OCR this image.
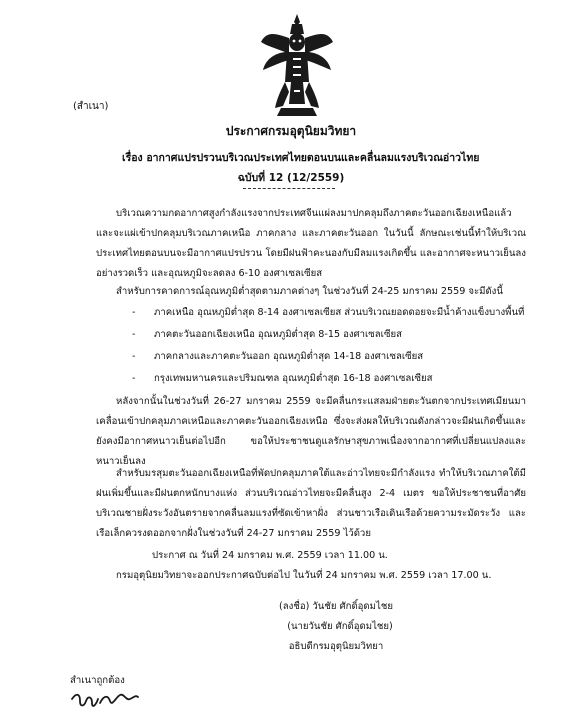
(สำเนา)
ประกาศกรมอุตุนิยมวิทยา
เรื่อง อากาศแปรปรวนบริเวณประเทศไทยตอนบนและคลื่นลมแรงบริเวณอ่าวไทย
ฉบับที่ 12 (12/2559)
บริเวณความกดอากาศสูงกำลังแรงจากประเทศจีนแผ่ลงมาปกคลุมถึงภาคตะวันออกเฉียงเหนือแล้ว และจะแผ่เข้าปกคลุมบริเวณภาคเหนือ ภาคกลาง และภาคตะวันออก ในวันนี้ ลักษณะเช่นนี้ทำให้บริเวณประเทศไทยตอนบนจะมีอากาศแปรปรวน โดยมีฝนฟ้าคะนองกับมีลมแรงเกิดขึ้น และอากาศจะหนาวเย็นลงอย่างรวดเร็ว และอุณหภูมิจะลดลง 6-10 องศาเซลเซียส
สำหรับการคาดการณ์อุณหภูมิต่ำสุดตามภาคต่างๆ ในช่วงวันที่ 24-25 มกราคม 2559 จะมีดังนี้
- ภาคเหนือ อุณหภูมิต่ำสุด 8-14 องศาเซลเซียส ส่วนบริเวณยอดดอยจะมีน้ำค้างแข็งบางพื้นที่
- ภาคตะวันออกเฉียงเหนือ อุณหภูมิต่ำสุด 8-15 องศาเซลเซียส
- ภาคกลางและภาคตะวันออก อุณหภูมิต่ำสุด 14-18 องศาเซลเซียส
- กรุงเทพมหานครและปริมณฑล อุณหภูมิต่ำสุด 16-18 องศาเซลเซียส
หลังจากนั้นในช่วงวันที่ 26-27 มกราคม 2559 จะมีคลื่นกระแสลมฝ่ายตะวันตกจากประเทศเมียนมาเคลื่อนเข้าปกคลุมภาคเหนือและภาคตะวันออกเฉียงเหนือ ซึ่งจะส่งผลให้บริเวณดังกล่าวจะมีฝนเกิดขึ้นและยังคงมีอากาศหนาวเย็นต่อไปอีก ขอให้ประชาชนดูแลรักษาสุขภาพเนื่องจากอากาศที่เปลี่ยนแปลงและหนาวเย็นลง
สำหรับมรสุมตะวันออกเฉียงเหนือที่พัดปกคลุมภาคใต้และอ่าวไทยจะมีกำลังแรง ทำให้บริเวณภาคใต้มีฝนเพิ่มขึ้นและมีฝนตกหนักบางแห่ง ส่วนบริเวณอ่าวไทยจะมีคลื่นสูง 2-4 เมตร ขอให้ประชาชนที่อาศัยบริเวณชายฝั่งระวังอันตรายจากคลื่นลมแรงที่ซัดเข้าหาฝั่ง ส่วนชาวเรือเดินเรือด้วยความระมัดระวัง และเรือเล็กควรงดออกจากฝั่งในช่วงวันที่ 24-27 มกราคม 2559 ไว้ด้วย
ประกาศ ณ วันที่ 24 มกราคม พ.ศ. 2559 เวลา 11.00 น.
กรมอุตุนิยมวิทยาจะออกประกาศฉบับต่อไป ในวันที่ 24 มกราคม พ.ศ. 2559 เวลา 17.00 น.
(ลงชื่อ) วันชัย ศักดิ์อุดมไชย
(นายวันชัย ศักดิ์อุดมไชย)
อธิบดีกรมอุตุนิยมวิทยา
สำเนาถูกต้อง
